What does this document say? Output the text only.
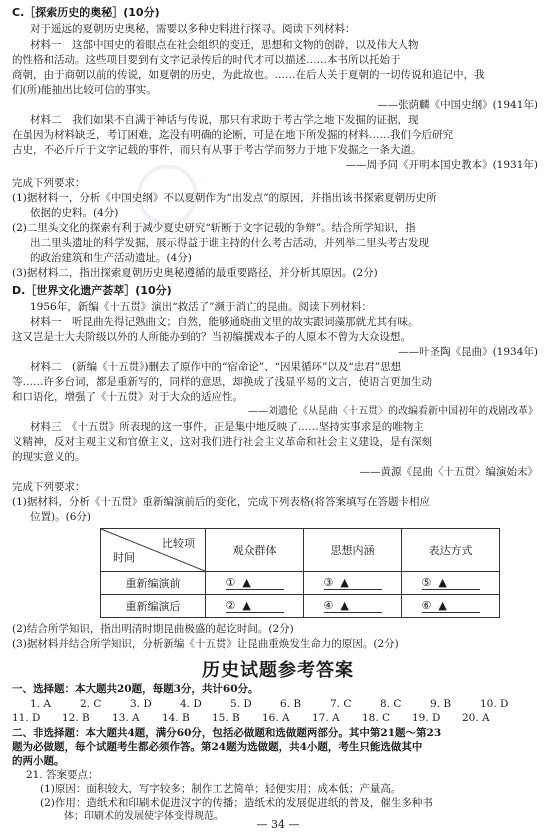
◯
C.［探索历史的奥秘］(10分)
对于遥远的夏朝历史奥秘，需要以多种史料进行探寻。阅读下列材料：
材料一　这部中国史的着眼点在社会组织的变迁，思想和文物的创辟，以及伟大人物
的性格和活动。这些项目要到有文字记录传后的时代才可以描述……本书所以托始于
商朝，由于商朝以前的传说，如夏朝的历史，为此故也。……在后人关于夏朝的一切传说和追记中，我
们(所)能抽出比较可信的事实。
——张荫麟《中国史纲》(1941年)
材料二　我们如果不自满于神话与传说，那只有求助于考古学之地下发掘的证据，现
在虽因为材料缺乏，考订困难，迄没有明确的论断，可是在地下所发掘的材料……我们今后研究
古史，不必斤斤于文字记载的事件，而只有从事于考古学而努力于地下发掘之一条大道。
——周予同《开明本国史教本》(1931年)
完成下列要求：
(1)据材料一，分析《中国史纲》不以夏朝作为“出发点”的原因，并指出该书探索夏朝历史所
依据的史料。(4分)
(2)二里头文化的探索有利于减少夏史研究“斩断于文字记载的争辩”。结合所学知识，指
出二里头遗址的科学发掘，展示得益于谁主持的什么考古活动，并列举二里头考古发现
的政治建筑和生产活动遗址。(4分)
(3)据材料二，指出探索夏朝历史奥秘遵循的最重要路径，并分析其原因。(2分)
D.［世界文化遗产荟萃］(10分)
1956年，新编《十五贯》演出“救活了”濒于消亡的昆曲。阅读下列材料：
材料一　听昆曲先得记熟曲文；自然，能够通晓曲文里的故实跟词藻那就尤其有味。
这又岂是士大夫阶级以外的人所能办到的？当初编撰戏本子的人原本不曾为大众设想。
——叶圣陶《昆曲》(1934年)
材料二　(新编《十五贯》)删去了原作中的“宿命论”、“因果循环”以及“忠君”思想
等……许多台词，都是重新写的，同样的意思，却换成了浅显平易的文言，使语言更加生动
和口语化，增强了《十五贯》对于大众的适应性。
——刘遗伦《从昆曲〈十五贯〉的改编看新中国初年的戏剧改革》
材料三　《十五贯》所表现的这一事件，正是集中地反映了……坚持实事求是的唯物主
义精神，反对主观主义和官僚主义，这对我们进行社会主义革命和社会主义建设，是有深刻
的现实意义的。
——黄源《昆曲〈十五贯〉编演始末》
完成下列要求：
(1)据材料，分析《十五贯》重新编演前后的变化，完成下列表格(将答案填写在答题卡相应
位置)。(6分)
比较项
时间	观众群体	思想内涵	表达方式
重新编演前	① ▲	③ ▲	⑤ ▲
重新编演后	② ▲	④ ▲	⑥ ▲
(2)结合所学知识，指出明清时期昆曲极盛的起讫时间。(2分)
(3)据材料并结合所学知识，分析新编《十五贯》让昆曲重焕发生命力的原因。(2分)
历史试题参考答案
一、选择题：本大题共20题，每题3分，共计60分。
1. A	2. C	3. D	4. D	5. D	6. B	7. C	8. C	9. B	10. D
11. D 12. B 13. A 14. B 15. B 16. A 17. A 18. C 19. D 20. A
二、非选择题：本大题共4题，满分60分，包括必做题和选做题两部分。其中第21题～第23
题为必做题，每个试题考生都必须作答。第24题为选做题，共4小题，考生只能选做其中
的两小题。
21. 答案要点：
(1)原因：面积较大，写字较多；制作工艺简单；轻便实用；成本低；产量高。
(2)作用：造纸术和印刷术促进汉字的传播；造纸术的发展促进纸的普及，催生多种书
体；印刷术的发展使字体变得规范。
— 34 —
